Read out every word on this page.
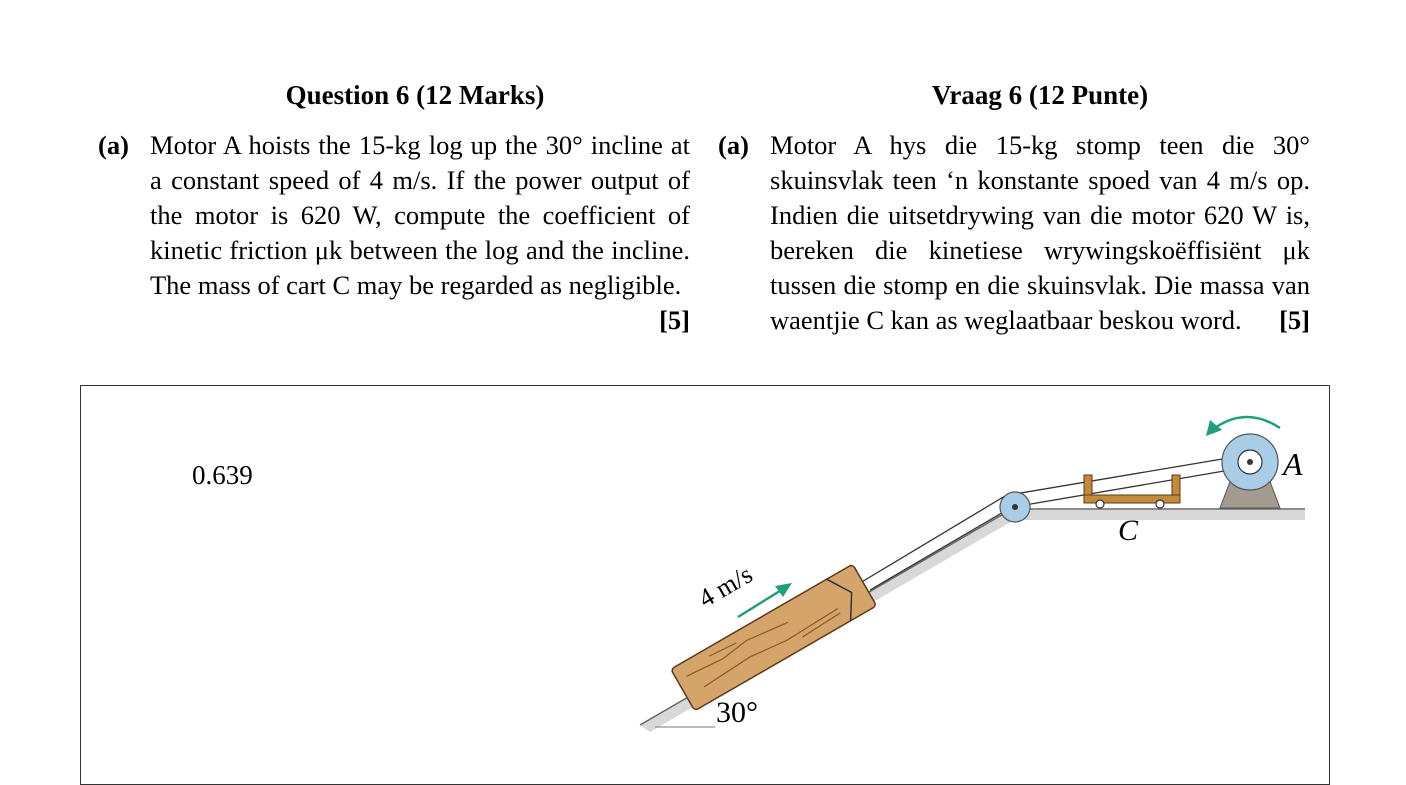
Question 6 (12 Marks)
(a) Motor A hoists the 15-kg log up the 30° incline at a constant speed of 4 m/s. If the power output of the motor is 620 W, compute the coefficient of kinetic friction μk between the log and the incline. The mass of cart C may be regarded as negligible.
[5]
Vraag 6 (12 Punte)
(a) Motor A hys die 15-kg stomp teen die 30° skuinsvlak teen ‘n konstante spoed van 4 m/s op. Indien die uitsetdrywing van die motor 620 W is, bereken die kinetiese wrywingskoëffisiënt μk tussen die stomp en die skuinsvlak. Die massa van waentjie C kan as weglaatbaar beskou word. [5]
0.639
4 m/s
30°
C
A
